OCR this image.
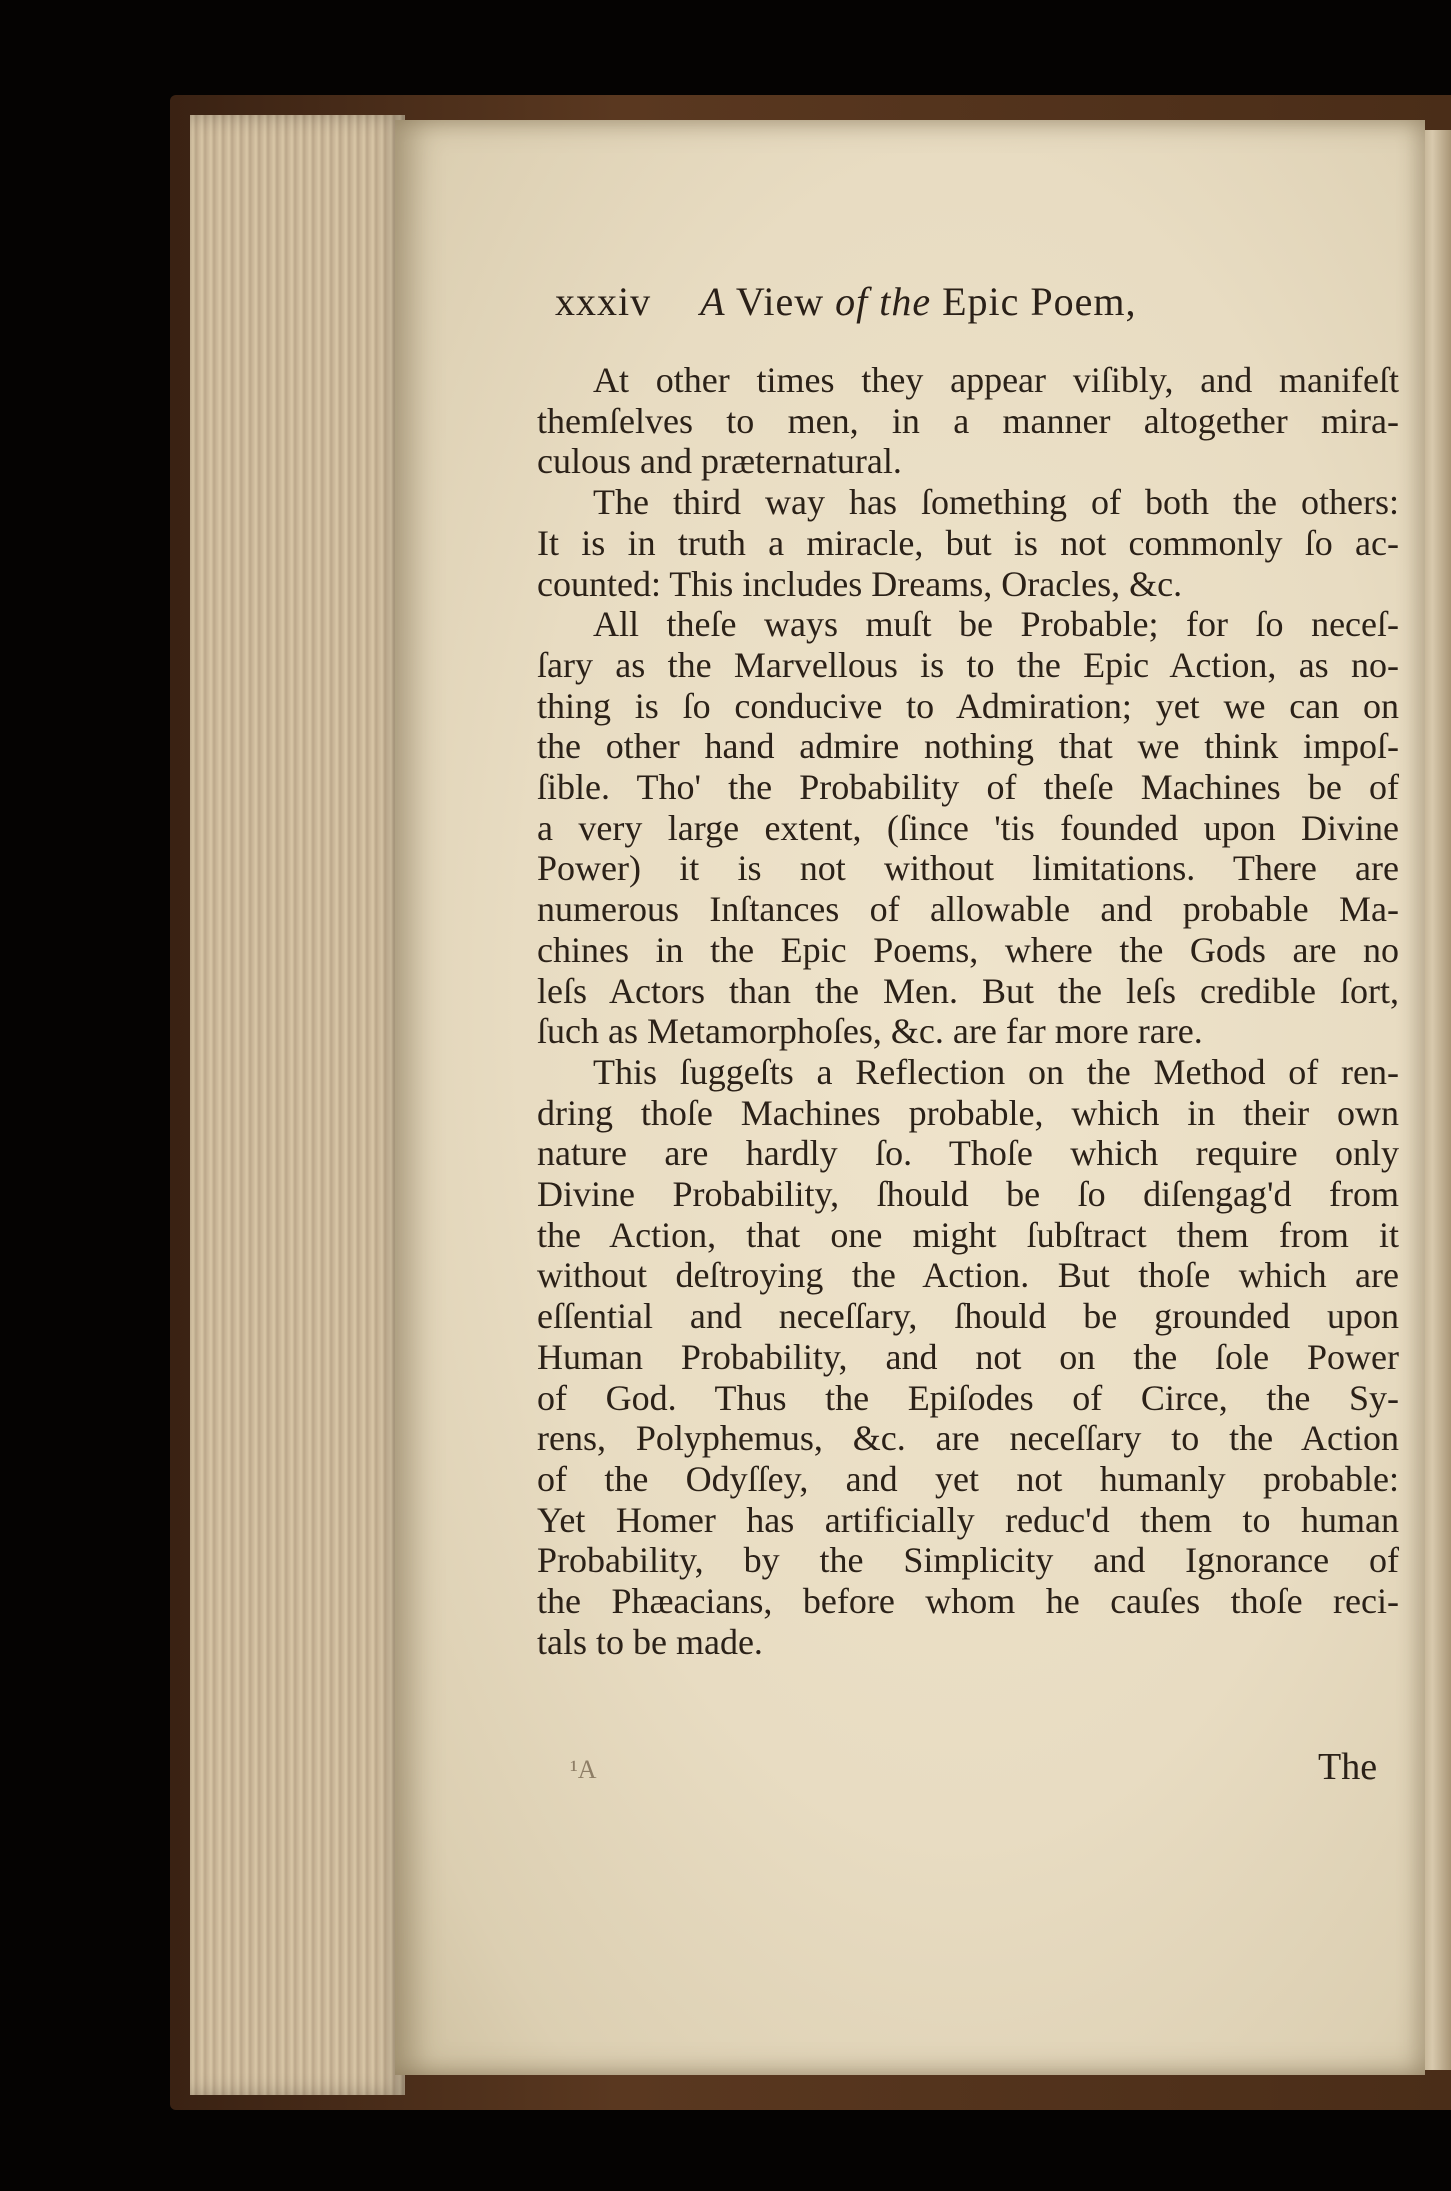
xxxiv A View of the Epic Poem,
At other times they appear viſibly, and manifeſt
themſelves to men, in a manner altogether mira-
culous and præternatural.
The third way has ſomething of both the others:
It is in truth a miracle, but is not commonly ſo ac-
counted: This includes Dreams, Oracles, &c.
All theſe ways muſt be Probable; for ſo neceſ-
ſary as the Marvellous is to the Epic Action, as no-
thing is ſo conducive to Admiration; yet we can on
the other hand admire nothing that we think impoſ-
ſible. Tho' the Probability of theſe Machines be of
a very large extent, (ſince 'tis founded upon Divine
Power) it is not without limitations. There are
numerous Inſtances of allowable and probable Ma-
chines in the Epic Poems, where the Gods are no
leſs Actors than the Men. But the leſs credible ſort,
ſuch as Metamorphoſes, &c. are far more rare.
This ſuggeſts a Reflection on the Method of ren-
dring thoſe Machines probable, which in their own
nature are hardly ſo. Thoſe which require only
Divine Probability, ſhould be ſo diſengag'd from
the Action, that one might ſubſtract them from it
without deſtroying the Action. But thoſe which are
eſſential and neceſſary, ſhould be grounded upon
Human Probability, and not on the ſole Power
of God. Thus the Epiſodes of Circe, the Sy-
rens, Polyphemus, &c. are neceſſary to the Action
of the Odyſſey, and yet not humanly probable:
Yet Homer has artificially reduc'd them to human
Probability, by the Simplicity and Ignorance of
the Phæacians, before whom he cauſes thoſe reci-
tals to be made.
¹A	The
